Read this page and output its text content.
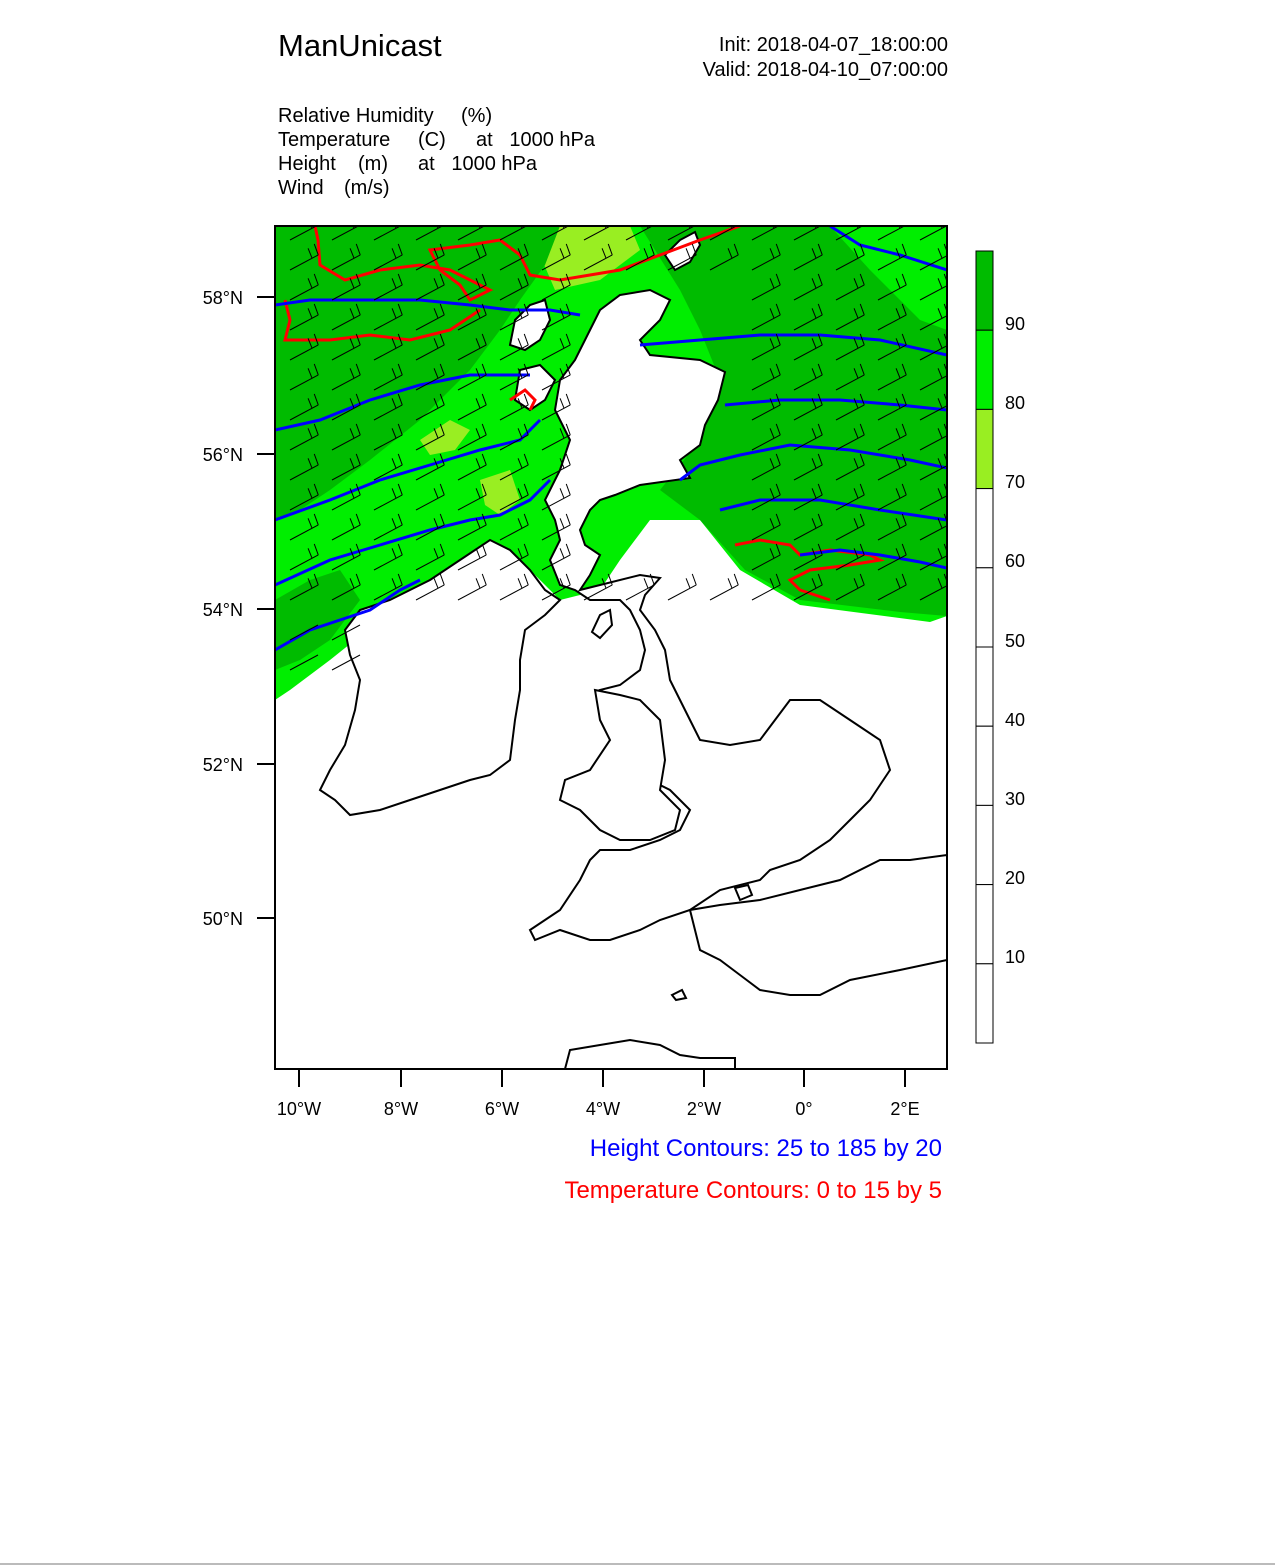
ManUnicast	Init: 2018-04-07_18:00:00
Valid: 2018-04-10_07:00:00
Relative Humidity (%)
Temperature (C) at   1000 hPa
Height (m) at   1000 hPa
Wind (m/s)
58°N
56°N
54°N
52°N
50°N
10°W	8°W	6°W	4°W	2°W	0°	2°E
90
80
70
60
50
40
30
20
10
Height Contours: 25 to 185 by 20
Temperature Contours: 0 to 15 by 5
